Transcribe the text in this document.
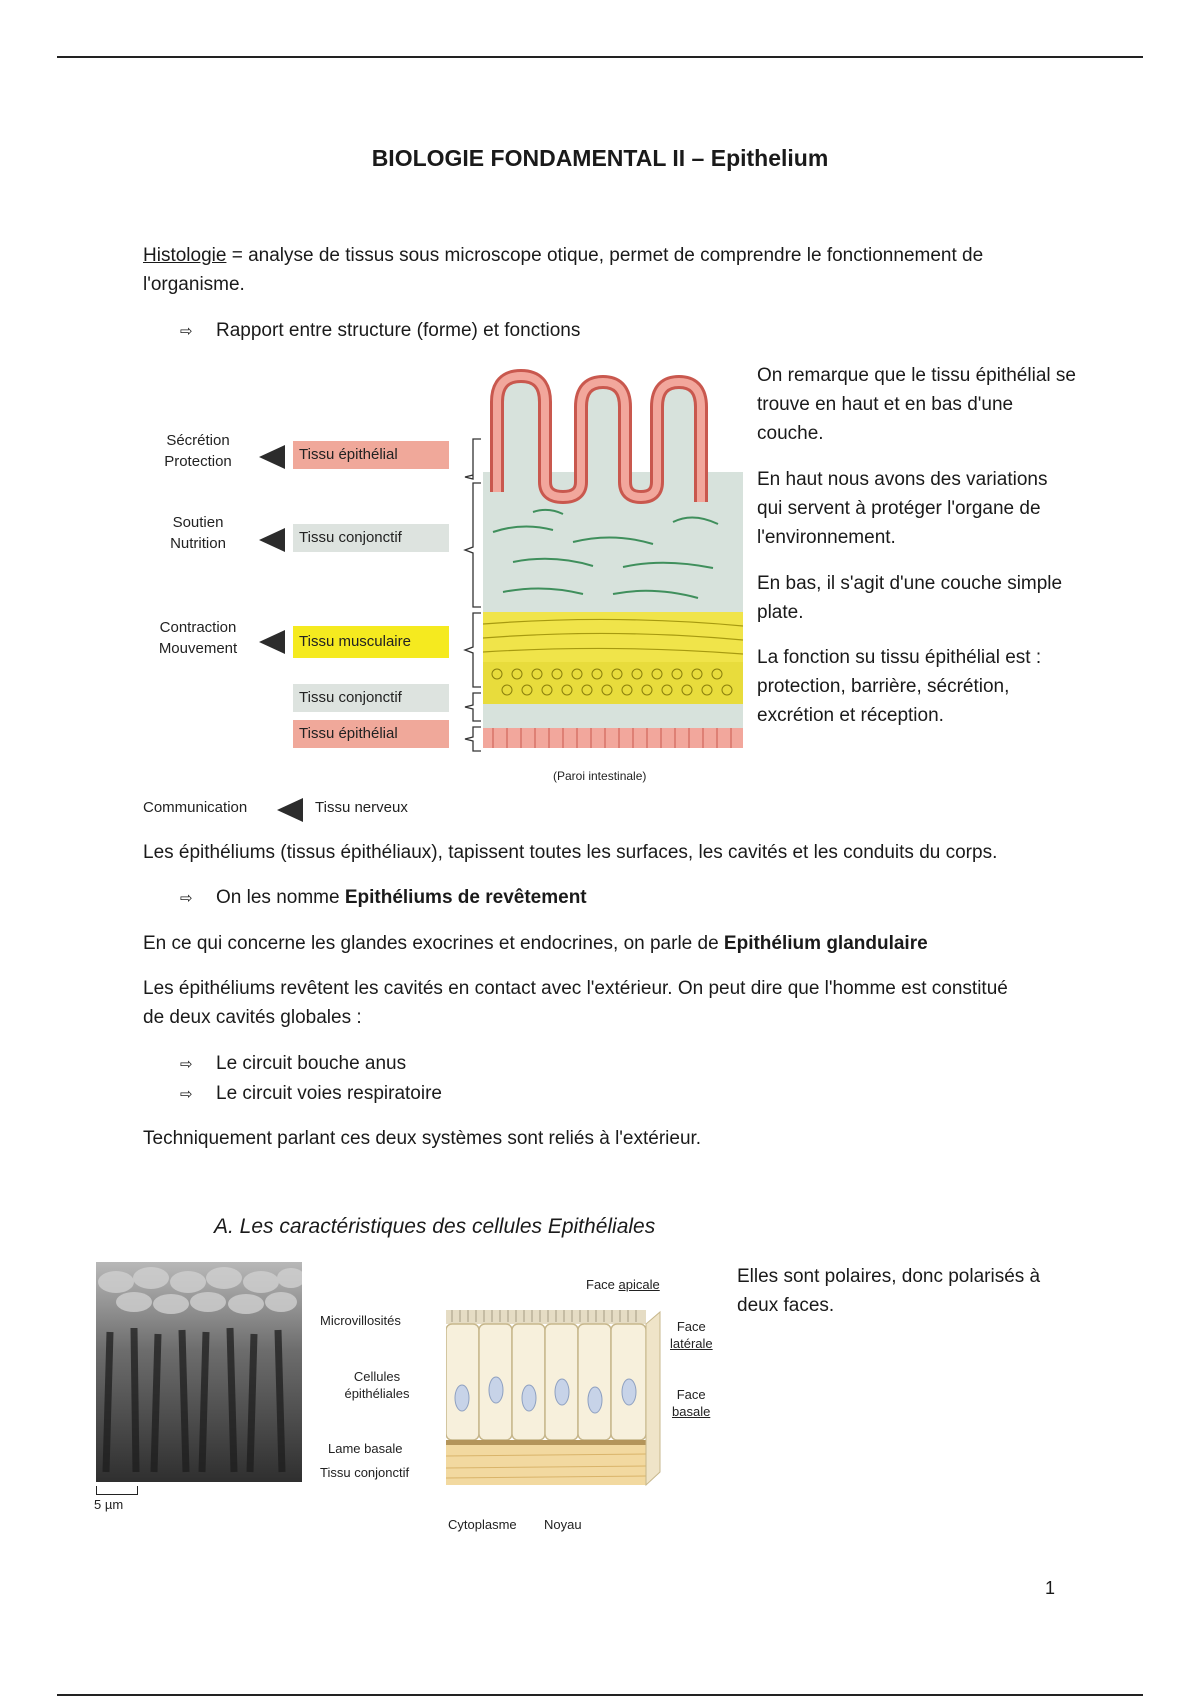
BIOLOGIE FONDAMENTAL II – Epithelium

Histologie = analyse de tissus sous microscope otique, permet de comprendre le fonctionnement de l'organisme.

⇨ Rapport entre structure (forme) et fonctions
Sécrétion
Protection	Tissu épithélial
Soutien
Nutrition	Tissu conjonctif
Contraction
Mouvement	Tissu musculaire
Tissu conjonctif
Tissu épithélial
Communication	Tissu nerveux
(Paroi intestinale)

On remarque que le tissu épithélial se trouve en haut et en bas d'une couche.

En haut nous avons des variations qui servent à protéger l'organe de l'environnement.

En bas, il s'agit d'une couche simple plate.

La fonction su tissu épithélial est : protection, barrière, sécrétion, excrétion et réception.

Les épithéliums (tissus épithéliaux), tapissent toutes les surfaces, les cavités et les conduits du corps.

⇨ On les nomme Epithéliums de revêtement

En ce qui concerne les glandes exocrines et endocrines, on parle de Epithélium glandulaire

Les épithéliums revêtent les cavités en contact avec l'extérieur. On peut dire que l'homme est constitué de deux cavités globales :

⇨ Le circuit bouche anus
⇨ Le circuit voies respiratoire

Techniquement parlant ces deux systèmes sont reliés à l'extérieur.

A. Les caractéristiques des cellules Epithéliales
5 µm
Microvillosités
Cellules
épithéliales
Lame basale
Tissu conjonctif
Cytoplasme Noyau
Face apicale
Face
latérale
Face
basale

Elles sont polaires, donc polarisés à deux faces.

1
